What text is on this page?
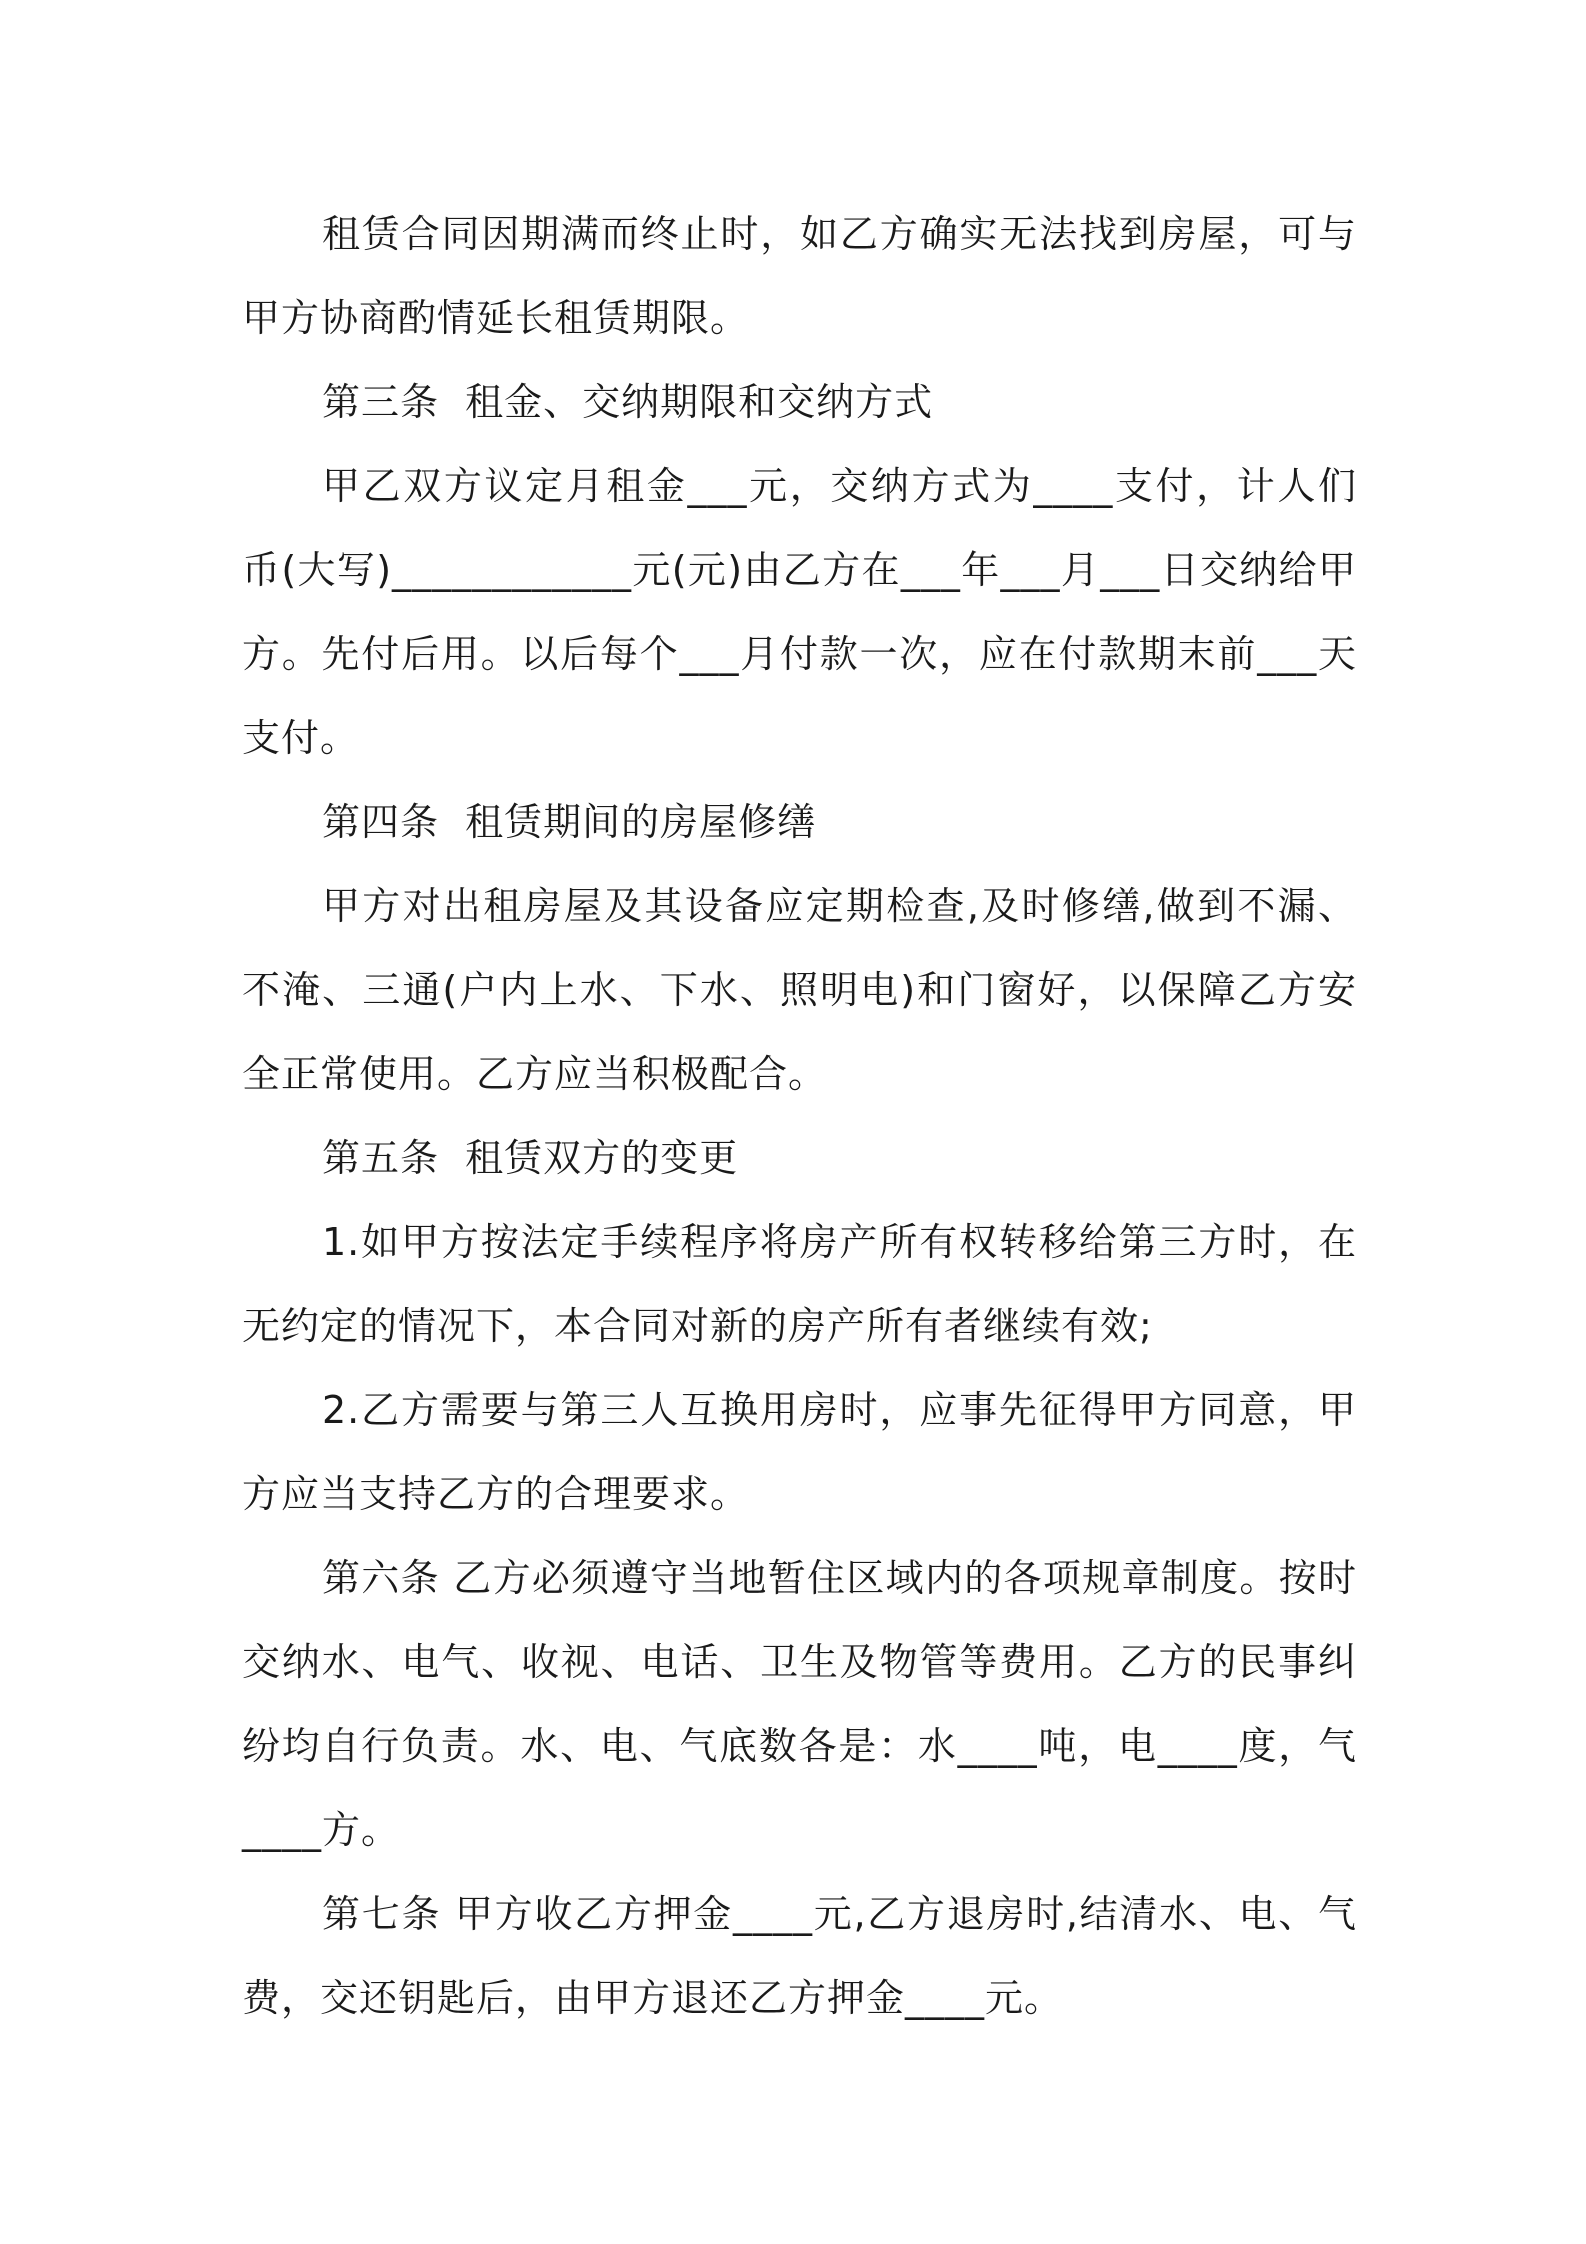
租赁合同因期满而终止时，如乙方确实无法找到房屋，可与甲方协商酌情延长租赁期限。

第三条  租金、交纳期限和交纳方式

甲乙双方议定月租金___元，交纳方式为____支付，计人们币(大写)____________元(元)由乙方在___年___月___日交纳给甲方。先付后用。以后每个___月付款一次，应在付款期末前___天支付。

第四条  租赁期间的房屋修缮

甲方对出租房屋及其设备应定期检查,及时修缮,做到不漏、不淹、三通(户内上水、下水、照明电)和门窗好，以保障乙方安全正常使用。乙方应当积极配合。

第五条  租赁双方的变更

1.如甲方按法定手续程序将房产所有权转移给第三方时，在无约定的情况下，本合同对新的房产所有者继续有效;

2.乙方需要与第三人互换用房时，应事先征得甲方同意，甲方应当支持乙方的合理要求。

第六条 乙方必须遵守当地暂住区域内的各项规章制度。按时交纳水、电气、收视、电话、卫生及物管等费用。乙方的民事纠纷均自行负责。水、电、气底数各是：水____吨，电____度，气____方。

第七条 甲方收乙方押金____元,乙方退房时,结清水、电、气费，交还钥匙后，由甲方退还乙方押金____元。
